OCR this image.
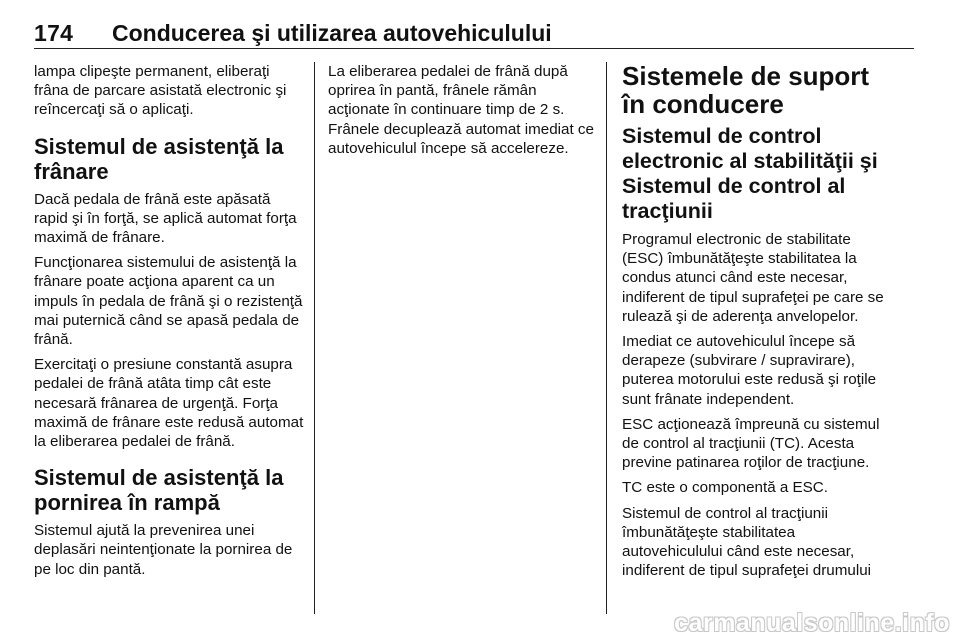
174 Conducerea şi utilizarea autovehiculului

lampa clipeşte permanent, eliberaţi frâna de parcare asistată electronic şi reîncercaţi să o aplicaţi.

Sistemul de asistenţă la frânare

Dacă pedala de frână este apăsată rapid şi în forţă, se aplică automat forţa maximă de frânare.

Funcţionarea sistemului de asistenţă la frânare poate acţiona aparent ca un impuls în pedala de frână şi o rezistenţă mai puternică când se apasă pedala de frână.

Exercitaţi o presiune constantă asupra pedalei de frână atâta timp cât este necesară frânarea de urgenţă. Forţa maximă de frânare este redusă automat la eliberarea pedalei de frână.

Sistemul de asistenţă la pornirea în rampă

Sistemul ajută la prevenirea unei deplasări neintenţionate la pornirea de pe loc din pantă.

La eliberarea pedalei de frână după oprirea în pantă, frânele rămân acţionate în continuare timp de 2 s. Frânele decuplează automat imediat ce autovehiculul începe să accelereze.

Sistemele de suport în conducere
Sistemul de control electronic al stabilităţii şi Sistemul de control al tracţiunii

Programul electronic de stabilitate (ESC) îmbunătăţeşte stabilitatea la condus atunci când este necesar, indiferent de tipul suprafeţei pe care se rulează şi de aderenţa anvelopelor.

Imediat ce autovehiculul începe să derapeze (subvirare / supravirare), puterea motorului este redusă şi roţile sunt frânate independent.

ESC acţionează împreună cu sistemul de control al tracţiunii (TC). Acesta previne patinarea roţilor de tracţiune.

TC este o componentă a ESC.

Sistemul de control al tracţiunii îmbunătăţeşte stabilitatea autovehiculului când este necesar, indiferent de tipul suprafeţei drumului

carmanualsonline.info
